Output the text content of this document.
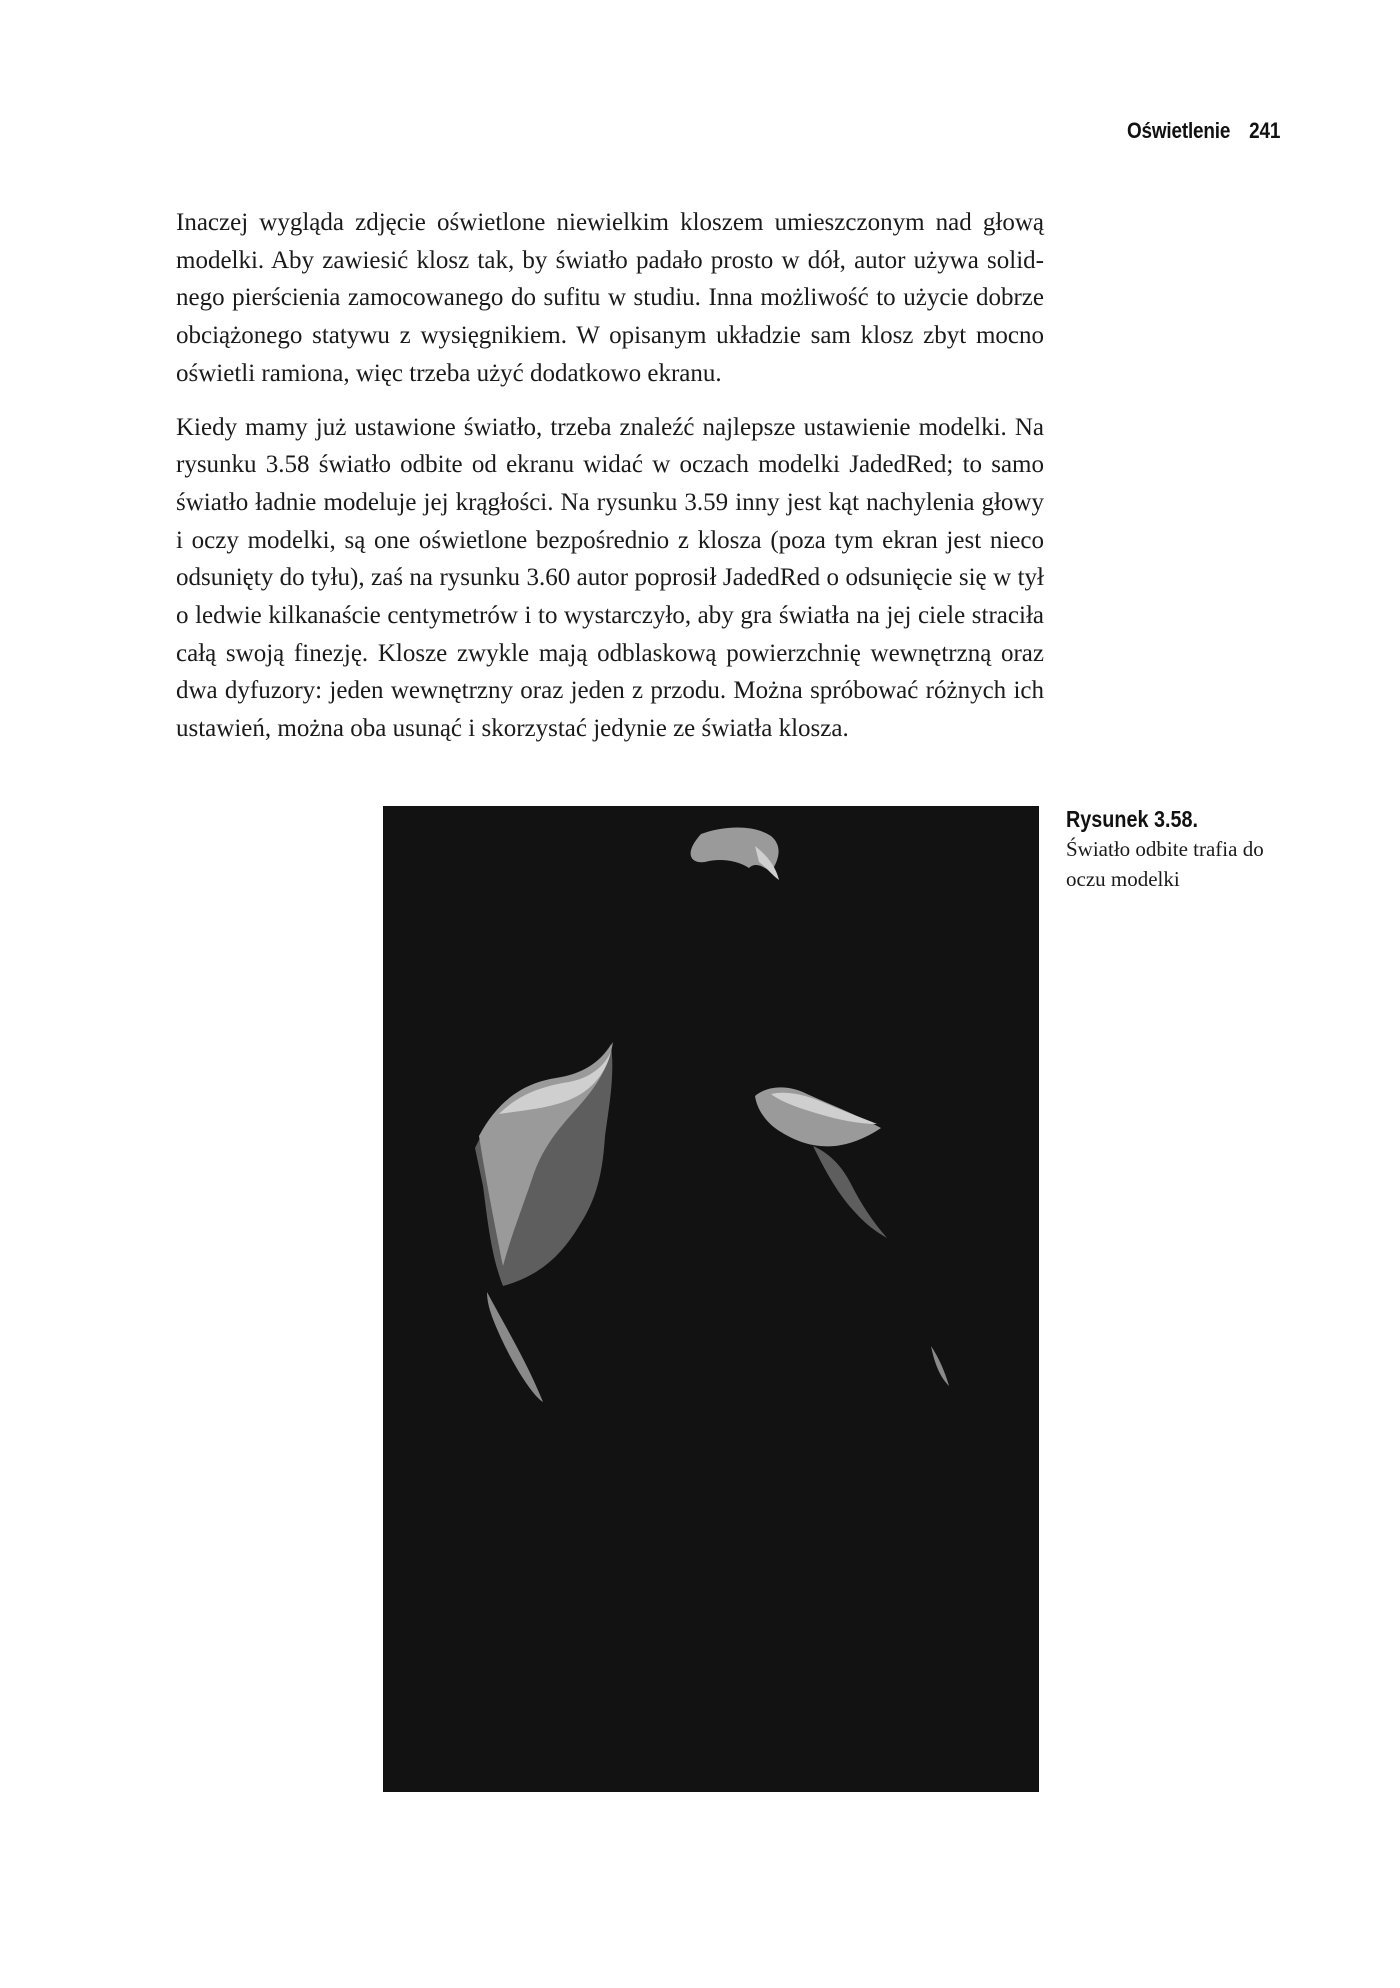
Oświetlenie 241

Inaczej wygląda zdjęcie oświetlone niewielkim kloszem umieszczonym nad głową modelki. Aby zawiesić klosz tak, by światło padało prosto w dół, autor używa solidnego pierścienia zamocowanego do sufitu w studiu. Inna możliwość to użycie dobrze obciążonego statywu z wysięgnikiem. W opisanym układzie sam klosz zbyt mocno oświetli ramiona, więc trzeba użyć dodatkowo ekranu.

Kiedy mamy już ustawione światło, trzeba znaleźć najlepsze ustawienie modelki. Na rysunku 3.58 światło odbite od ekranu widać w oczach modelki JadedRed; to samo światło ładnie modeluje jej krągłości. Na rysunku 3.59 inny jest kąt nachylenia głowy i oczy modelki, są one oświetlone bezpośrednio z klosza (poza tym ekran jest nieco odsunięty do tyłu), zaś na rysunku 3.60 autor poprosił JadedRed o odsunięcie się w tył o ledwie kilkanaście centymetrów i to wystarczyło, aby gra światła na jej ciele straciła całą swoją finezję. Klosze zwykle mają odblaskową powierzchnię wewnętrzną oraz dwa dyfuzory: jeden wewnętrzny oraz jeden z przodu. Można spróbować różnych ich ustawień, można oba usunąć i skorzystać jedynie ze światła klosza.

Rysunek 3.58.
Światło odbite trafia do oczu modelki
